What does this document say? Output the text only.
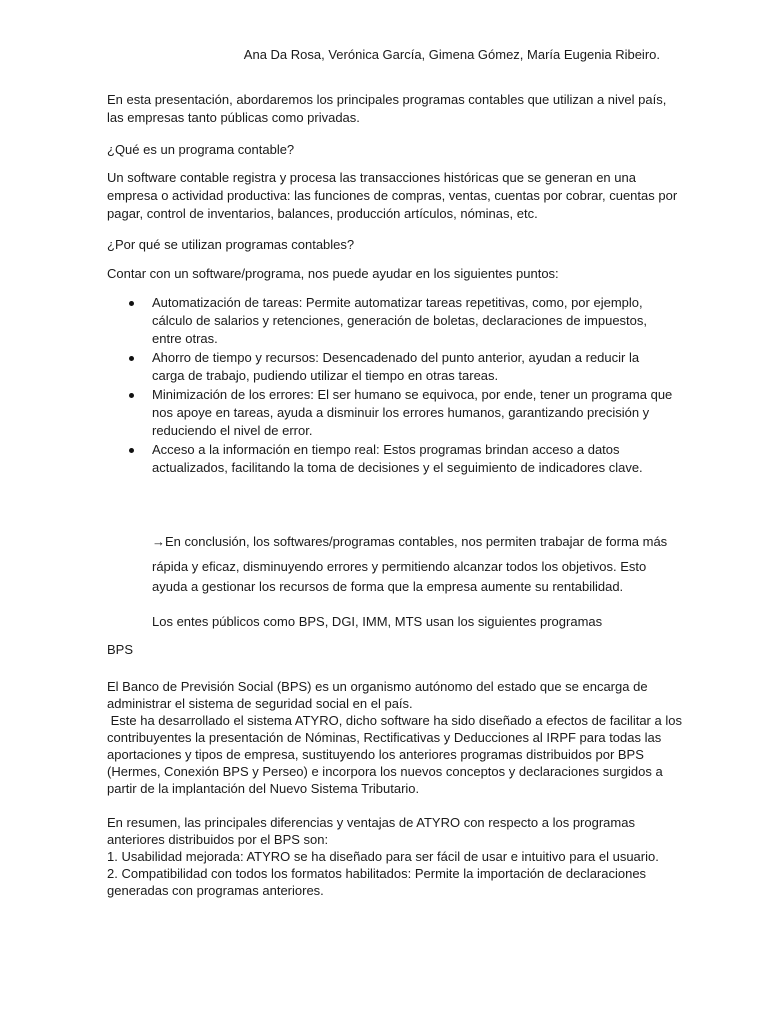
Ana Da Rosa, Verónica García, Gimena Gómez, María Eugenia Ribeiro.

En esta presentación, abordaremos los principales programas contables que utilizan a nivel país,
las empresas tanto públicas como privadas.

¿Qué es un programa contable?

Un software contable registra y procesa las transacciones históricas que se generan en una
empresa o actividad productiva: las funciones de compras, ventas, cuentas por cobrar, cuentas por
pagar, control de inventarios, balances, producción artículos, nóminas, etc.

¿Por qué se utilizan programas contables?

Contar con un software/programa, nos puede ayudar en los siguientes puntos:

Automatización de tareas: Permite automatizar tareas repetitivas, como, por ejemplo,
cálculo de salarios y retenciones, generación de boletas, declaraciones de impuestos,
entre otras.
Ahorro de tiempo y recursos: Desencadenado del punto anterior, ayudan a reducir la
carga de trabajo, pudiendo utilizar el tiempo en otras tareas.
Minimización de los errores: El ser humano se equivoca, por ende, tener un programa que
nos apoye en tareas, ayuda a disminuir los errores humanos, garantizando precisión y
reduciendo el nivel de error.
Acceso a la información en tiempo real: Estos programas brindan acceso a datos
actualizados, facilitando la toma de decisiones y el seguimiento de indicadores clave.

→En conclusión, los softwares/programas contables, nos permiten trabajar de forma más
rápida y eficaz, disminuyendo errores y permitiendo alcanzar todos los objetivos. Esto
ayuda a gestionar los recursos de forma que la empresa aumente su rentabilidad.

Los entes públicos como BPS, DGI, IMM, MTS usan los siguientes programas

BPS

El Banco de Previsión Social (BPS) es un organismo autónomo del estado que se encarga de
administrar el sistema de seguridad social en el país.
Este ha desarrollado el sistema ATYRO, dicho software ha sido diseñado a efectos de facilitar a los
contribuyentes la presentación de Nóminas, Rectificativas y Deducciones al IRPF para todas las
aportaciones y tipos de empresa, sustituyendo los anteriores programas distribuidos por BPS
(Hermes, Conexión BPS y Perseo) e incorpora los nuevos conceptos y declaraciones surgidos a
partir de la implantación del Nuevo Sistema Tributario.

En resumen, las principales diferencias y ventajas de ATYRO con respecto a los programas
anteriores distribuidos por el BPS son:
1. Usabilidad mejorada: ATYRO se ha diseñado para ser fácil de usar e intuitivo para el usuario.
2. Compatibilidad con todos los formatos habilitados: Permite la importación de declaraciones
generadas con programas anteriores.
